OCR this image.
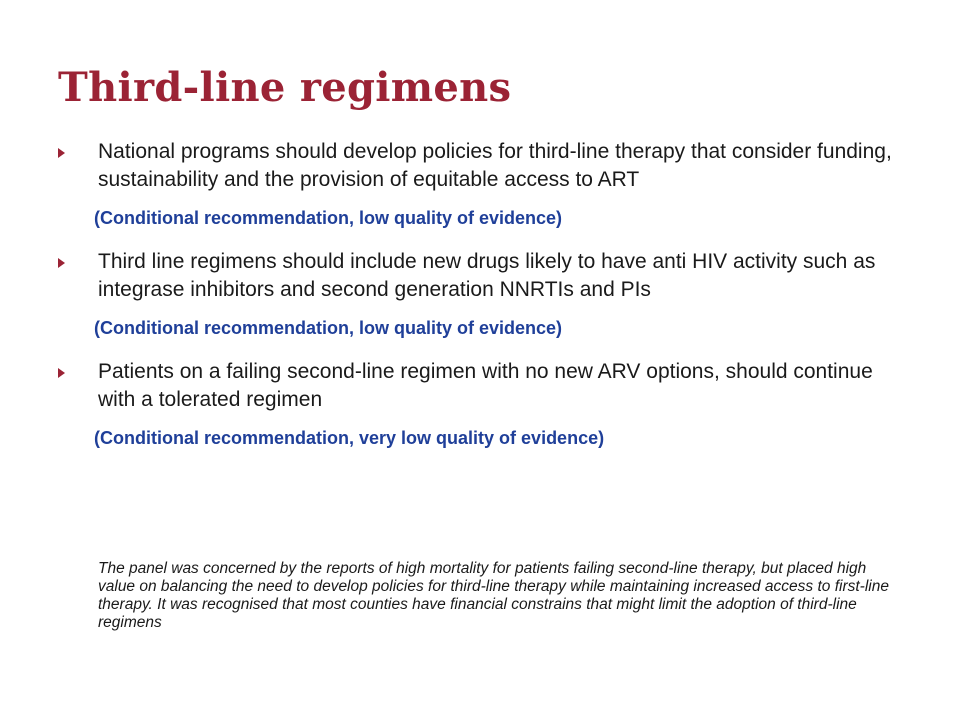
Third-line regimens
National programs should develop policies for third-line therapy that consider funding, sustainability and the provision of equitable access to ART
(Conditional recommendation, low quality of evidence)
Third line regimens should include new drugs likely to have anti HIV activity such as integrase inhibitors and second generation NNRTIs and PIs
(Conditional recommendation, low quality of evidence)
Patients on a failing second-line regimen with no new ARV options, should continue with a tolerated regimen
(Conditional recommendation, very low quality of evidence)
The panel was concerned by the reports of high mortality for patients failing second-line therapy, but placed high value on balancing the need to develop policies for third-line therapy while maintaining increased access to first-line therapy. It was recognised that most counties have financial constrains that might limit the adoption of third-line regimens
